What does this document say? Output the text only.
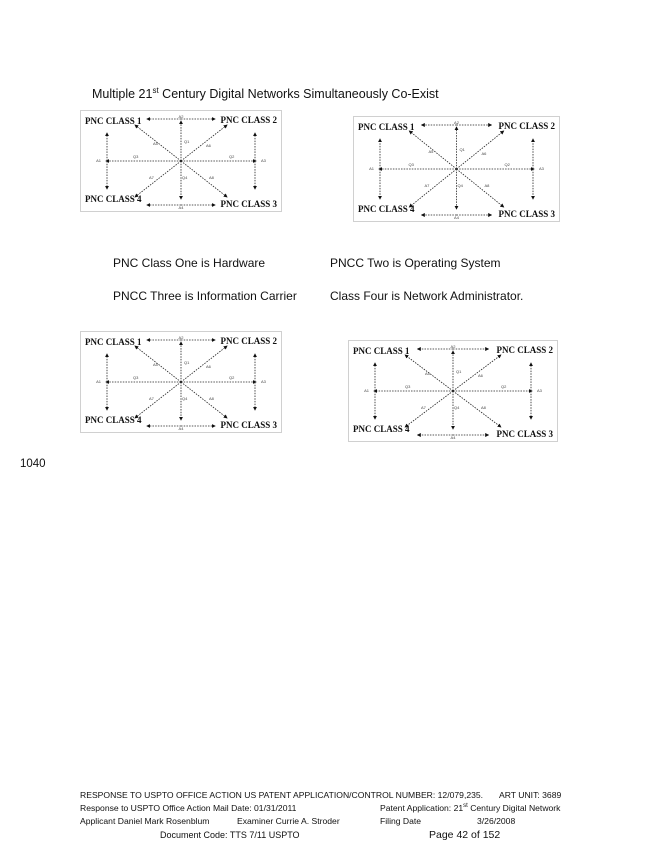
Multiple 21st Century Digital Networks Simultaneously Co-Exist
PNC CLASS 1	PNC CLASS 2
PNC CLASS 3
PNC CLASS 4
A2
A4
A1	A3
Q1
Q3	Q2
Q4
A5	A6
A7	A8
PNC CLASS 1	PNC CLASS 2
PNC CLASS 3
PNC CLASS 4
A2
A4
A1	A3
Q1
Q3	Q2
Q4
A5	A6
A7	A8
PNC CLASS 1	PNC CLASS 2
PNC CLASS 3
PNC CLASS 4
A2
A4
A1	A3
Q1
Q3	Q2
Q4
A5	A6
A7	A8
PNC CLASS 1	PNC CLASS 2
PNC CLASS 3
PNC CLASS 4
A2
A4
A1	A3
Q1
Q3	Q2
Q4
A5	A6
A7	A8
PNC Class One is Hardware	PNCC Two is Operating System
PNCC Three is Information Carrier	Class Four is Network Administrator.
1040
RESPONSE TO USPTO OFFICE ACTION US PATENT APPLICATION/CONTROL NUMBER: 12/079,235. ART UNIT: 3689
Response to USPTO Office Action Mail Date: 01/31/2011	Patent Application: 21st Century Digital Network
Applicant Daniel Mark Rosenblum	Examiner Currie A. Stroder	Filing Date	3/26/2008
Document Code: TTS 7/11 USPTO	Page 42 of 152
